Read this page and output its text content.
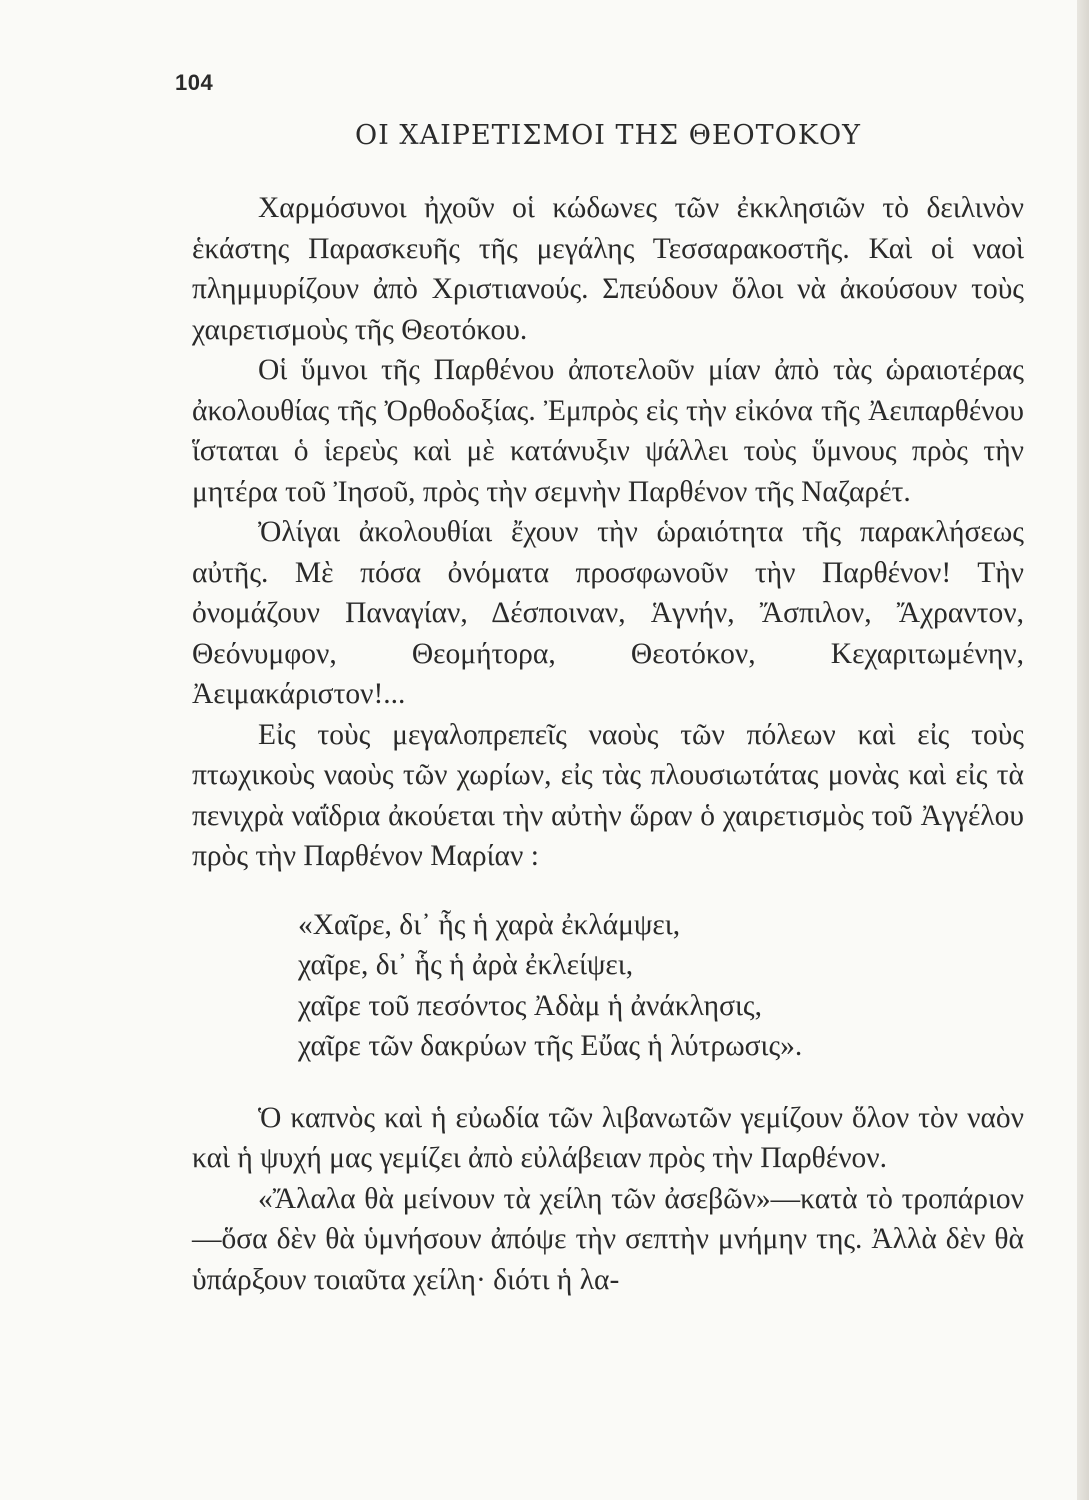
104
ΟΙ ΧΑΙΡΕΤΙΣΜΟΙ ΤΗΣ ΘΕΟΤΟΚΟΥ

Χαρμόσυνοι ἠχοῦν οἱ κώδωνες τῶν ἐκκλησιῶν τὸ δειλινὸν ἑκάστης Παρασκευῆς τῆς μεγάλης Τεσσαρακοστῆς. Καὶ οἱ ναοὶ πλημμυρίζουν ἀπὸ Χριστιανούς. Σπεύδουν ὅλοι νὰ ἀκούσουν τοὺς χαιρετισμοὺς τῆς Θεοτόκου.

Οἱ ὕμνοι τῆς Παρθένου ἀποτελοῦν μίαν ἀπὸ τὰς ὡραιοτέρας ἀκολουθίας τῆς Ὀρθοδοξίας. Ἐμπρὸς εἰς τὴν εἰκόνα τῆς Ἀειπαρθένου ἵσταται ὁ ἱερεὺς καὶ μὲ κατάνυξιν ψάλλει τοὺς ὕμνους πρὸς τὴν μητέρα τοῦ Ἰησοῦ, πρὸς τὴν σεμνὴν Παρθένον τῆς Ναζαρέτ.

Ὀλίγαι ἀκολουθίαι ἔχουν τὴν ὡραιότητα τῆς παρακλήσεως αὐτῆς. Μὲ πόσα ὀνόματα προσφωνοῦν τὴν Παρθένον! Τὴν ὀνομάζουν Παναγίαν, Δέσποιναν, Ἁγνήν, Ἄσπιλον, Ἄχραντον, Θεόνυμφον, Θεομήτορα, Θεοτόκον, Κεχαριτωμένην, Ἀειμακάριστον!...

Εἰς τοὺς μεγαλοπρεπεῖς ναοὺς τῶν πόλεων καὶ εἰς τοὺς πτωχικοὺς ναοὺς τῶν χωρίων, εἰς τὰς πλουσιωτάτας μονὰς καὶ εἰς τὰ πενιχρὰ ναΐδρια ἀκούεται τὴν αὐτὴν ὥραν ὁ χαιρετισμὸς τοῦ Ἀγγέλου πρὸς τὴν Παρθένον Μαρίαν :

«Χαῖρε, δι᾿ ἧς ἡ χαρὰ ἐκλάμψει,
χαῖρε, δι᾿ ἧς ἡ ἀρὰ ἐκλείψει,
χαῖρε τοῦ πεσόντος Ἀδὰμ ἡ ἀνάκλησις,
χαῖρε τῶν δακρύων τῆς Εὔας ἡ λύτρωσις».

Ὁ καπνὸς καὶ ἡ εὐωδία τῶν λιβανωτῶν γεμίζουν ὅλον τὸν ναὸν καὶ ἡ ψυχή μας γεμίζει ἀπὸ εὐλάβειαν πρὸς τὴν Παρθένον.

«Ἄλαλα θὰ μείνουν τὰ χείλη τῶν ἀσεβῶν»—κατὰ τὸ τροπάριον—ὅσα δὲν θὰ ὑμνήσουν ἀπόψε τὴν σεπτὴν μνήμην της. Ἀλλὰ δὲν θὰ ὑπάρξουν τοιαῦτα χείλη· διότι ἡ λα-
